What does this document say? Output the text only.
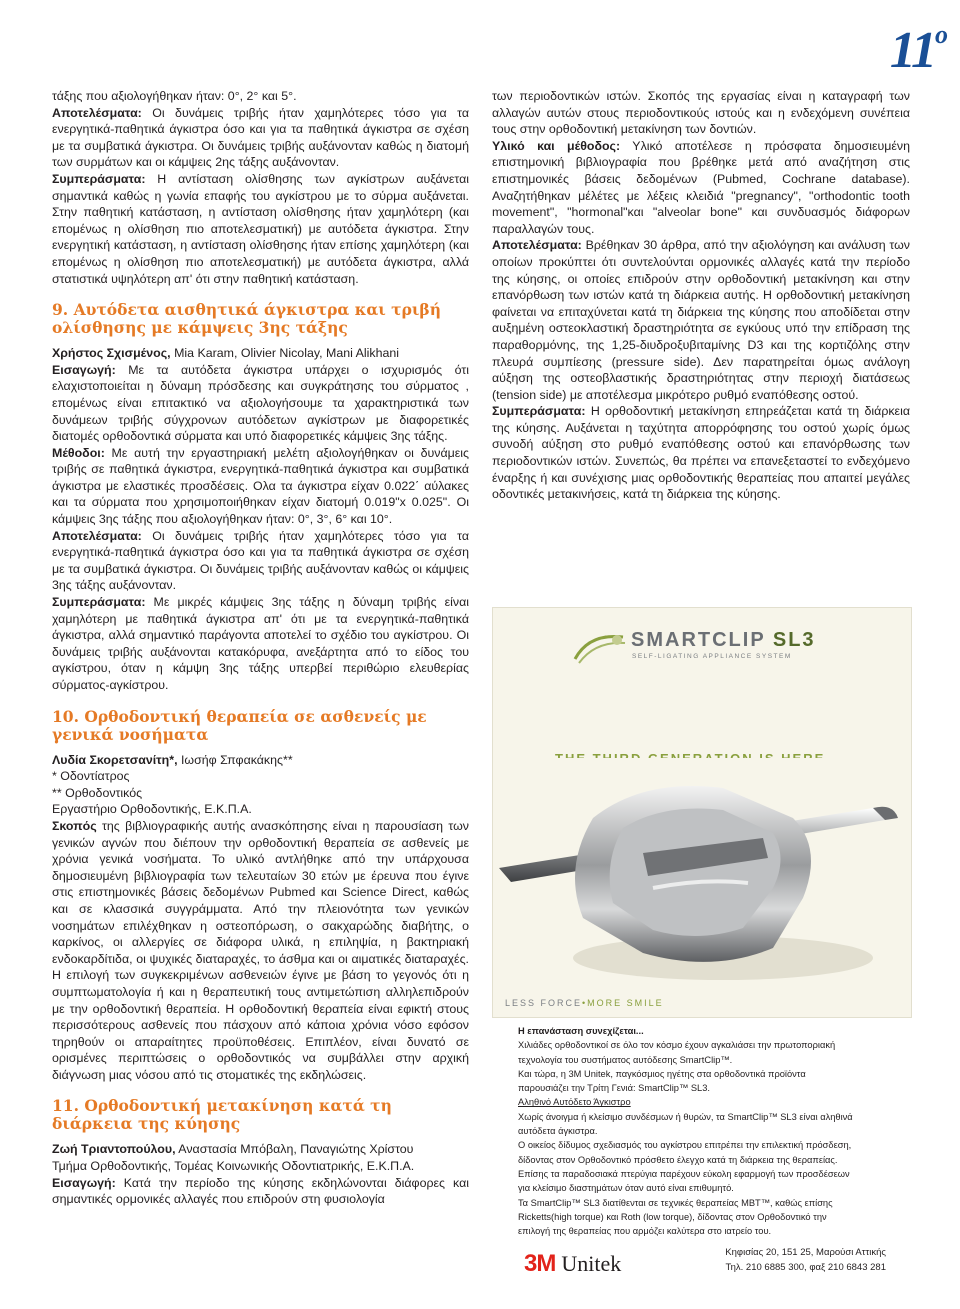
11$^o$

τάξης που αξιολογήθηκαν ήταν: 0°, 2° και 5°.

Αποτελέσματα: Οι δυνάμεις τριβής ήταν χαμηλότερες τόσο για τα ενεργητικά-παθητικά άγκιστρα όσο και για τα παθητικά άγκιστρα σε σχέση με τα συμβατικά άγκιστρα. Οι δυνάμεις τριβής αυξάνονταν καθώς η διατομή των συρμάτων και οι κάμψεις 2ης τάξης αυξάνονταν.

Συμπεράσματα: Η αντίσταση ολίσθησης των αγκίστρων αυξάνεται σημαντικά καθώς η γωνία επαφής του αγκίστρου με το σύρμα αυξάνεται. Στην παθητική κατάσταση, η αντίσταση ολίσθησης ήταν χαμηλότερη (και επομένως η ολίσθηση πιο αποτελεσματική) με αυτόδετα άγκιστρα. Στην ενεργητική κατάσταση, η αντίσταση ολίσθησης ήταν επίσης χαμηλότερη (και επομένως η ολίσθηση πιο αποτελεσματική) με αυτόδετα άγκιστρα, αλλά στατιστικά υψηλότερη απ' ότι στην παθητική κατάσταση.

9. Αυτόδετα αισθητικά άγκιστρα και τριβή ολίσθησης με κάμψεις 3ης τάξης

Χρήστος Σχισμένος, Mia Karam, Olivier Nicolay, Mani Alikhani

Εισαγωγή: Με τα αυτόδετα άγκιστρα υπάρχει ο ισχυρισμός ότι ελαχιστοποιείται η δύναμη πρόσδεσης και συγκράτησης του σύρματος , επομένως είναι επιτακτικό να αξιολογήσουμε τα χαρακτηριστικά των δυνάμεων τριβής σύγχρονων αυτόδετων αγκίστρων με διαφορετικές διατομές ορθοδοντικά σύρματα και υπό διαφορετικές κάμψεις 3ης τάξης.

Μέθοδοι: Με αυτή την εργαστηριακή μελέτη αξιολογήθηκαν οι δυνάμεις τριβής σε παθητικά άγκιστρα, ενεργητικά-παθητικά άγκιστρα και συμβατικά άγκιστρα με ελαστικές προσδέσεις. Ολα τα άγκιστρα είχαν 0.022΄ αύλακες και τα σύρματα που χρησιμοποιήθηκαν είχαν διατομή 0.019"x 0.025". Οι κάμψεις 3ης τάξης που αξιολογήθηκαν ήταν: 0°, 3°, 6° και 10°.

Αποτελέσματα: Οι δυνάμεις τριβής ήταν χαμηλότερες τόσο για τα ενεργητικά-παθητικά άγκιστρα όσο και για τα παθητικά άγκιστρα σε σχέση με τα συμβατικά άγκιστρα. Οι δυνάμεις τριβής αυξάνονταν καθώς οι κάμψεις 3ης τάξης αυξάνονταν.

Συμπεράσματα: Με μικρές κάμψεις 3ης τάξης η δύναμη τριβής είναι χαμηλότερη με παθητικά άγκιστρα απ' ότι με τα ενεργητικά-παθητικά άγκιστρα, αλλά σημαντικό παράγοντα αποτελεί το σχέδιο του αγκίστρου. Οι δυνάμεις τριβής αυξάνονται κατακόρυφα, ανεξάρτητα από το είδος του αγκίστρου, όταν η κάμψη 3ης τάξης υπερβεί περιθώριο ελευθερίας σύρματος-αγκίστρου.

10. Ορθοδοντική θεραπεία σε ασθενείς με γενικά νοσήματα

Λυδία Σκορετσανίτη*, Ιωσήφ Σπφακάκης**

* Οδοντίατρος

** Ορθοδοντικός

Εργαστήριο Ορθοδοντικής, Ε.Κ.Π.Α.

Σκοπός της βιβλιογραφικής αυτής ανασκόπησης είναι η παρουσίαση των γενικών αγνών που διέπουν την ορθοδοντική θεραπεία σε ασθενείς με χρόνια γενικά νοσήματα. Το υλικό αντλήθηκε από την υπάρχουσα δημοσιευμένη βιβλιογραφία των τελευταίων 30 ετών με έρευνα που έγινε στις επιστημονικές βάσεις δεδομένων Pubmed και Science Direct, καθώς και σε κλασσικά συγγράμματα. Από την πλειονότητα των γενικών νοσημάτων επιλέχθηκαν η οστεοπόρωση, ο σακχαρώδης διαβήτης, ο καρκίνος, οι αλλεργίες σε διάφορα υλικά, η επιληψία, η βακτηριακή ενδοκαρδίτιδα, οι ψυχικές διαταραχές, το άσθμα και οι αιματικές διαταραχές. Η επιλογή των συγκεκριμένων ασθενειών έγινε με βάση το γεγονός ότι η συμπτωματολογία ή και η θεραπευτική τους αντιμετώπιση αλληλεπιδρούν με την ορθοδοντική θεραπεία. Η ορθοδοντική θεραπεία είναι εφικτή στους περισσότερους ασθενείς που πάσχουν από κάποια χρόνια νόσο εφόσον τηρηθούν οι απαραίτητες προϋποθέσεις. Επιπλέον, είναι δυνατό σε ορισμένες περιπτώσεις ο ορθοδοντικός να συμβάλλει στην αρχική διάγνωση μιας νόσου από τις στοματικές της εκδηλώσεις.

11. Ορθοδοντική μετακίνηση κατά τη διάρκεια της κύησης

Ζωή Τριαντοπούλου, Αναστασία Μπόβαλη, Παναγιώτης Χρίστου

Τμήμα Ορθοδοντικής, Τομέας Κοινωνικής Οδοντιατρικής, Ε.Κ.Π.Α.

Εισαγωγή: Κατά την περίοδο της κύησης εκδηλώνονται διάφορες και σημαντικές ορμονικές αλλαγές που επιδρούν στη φυσιολογία

των περιοδοντικών ιστών. Σκοπός της εργασίας είναι η καταγραφή των αλλαγών αυτών στους περιοδοντικούς ιστούς και η ενδεχόμενη συνέπεια τους στην ορθοδοντική μετακίνηση των δοντιών.

Υλικό και μέθοδος: Υλικό αποτέλεσε η πρόσφατα δημοσιευμένη επιστημονική βιβλιογραφία που βρέθηκε μετά από αναζήτηση στις επιστημονικές βάσεις δεδομένων (Pubmed, Cochrane database). Αναζητήθηκαν μέλέτες με λέξεις κλειδιά "pregnancy", "orthodontic tooth movement", "hormonal"και "alveolar bone" και συνδυασμός διάφορων παραλλαγών τους.

Αποτελέσματα: Βρέθηκαν 30 άρθρα, από την αξιολόγηση και ανάλυση των οποίων προκύπτει ότι συντελούνται ορμονικές αλλαγές κατά την περίοδο της κύησης, οι οποίες επιδρούν στην ορθοδοντική μετακίνηση και στην επανόρθωση των ιστών κατά τη διάρκεια αυτής. Η ορθοδοντική μετακίνηση φαίνεται να επιταχύνεται κατά τη διάρκεια της κύησης που αποδίδεται στην αυξημένη οστεοκλαστική δραστηριότητα σε εγκύους υπό την επίδραση της παραθορμόνης, της 1,25-διυδροξυβιταμίνης D3 και της κορτιζόλης στην πλευρά συμπίεσης (pressure side). Δεν παρατηρείται όμως ανάλογη αύξηση της οστεοβλαστικής δραστηριότητας στην περιοχή διατάσεως (tension side) με αποτέλεσμα μικρότερο ρυθμό εναπόθεσης οστού.

Συμπεράσματα: Η ορθοδοντική μετακίνηση επηρεάζεται κατά τη διάρκεια της κύησης. Αυξάνεται η ταχύτητα απορρόφησης του οστού χωρίς όμως συνοδή αύξηση στο ρυθμό εναπόθεσης οστού και επανόρθωσης των περιοδοντικών ιστών. Συνεπώς, θα πρέπει να επανεξεταστεί το ενδεχόμενο έναρξης ή και συνέχισης μιας ορθοδοντικής θεραπείας που απαιτεί μεγάλες οδοντικές μετακινήσεις, κατά τη διάρκεια της κύησης.

SMARTCLIP SL3
SELF-LIGATING APPLIANCE SYSTEM
LESS FORCE•MORE SMILE

Η επανάσταση συνεχίζεται...

Χιλιάδες ορθοδοντικοί σε όλο τον κόσμο έχουν αγκαλιάσει την πρωτοποριακή τεχνολογία του συστήματος αυτόδεσης SmartClip™.

Και τώρα, η 3M Unitek, παγκόσμιος ηγέτης στα ορθοδοντικά προϊόντα παρουσιάζει την Τρίτη Γενιά: SmartClip™ SL3.

Αληθινό Αυτόδετο Άγκιστρο

Χωρίς άνοιγμα ή κλείσιμο συνδέσμων ή θυρών, τα SmartClip™ SL3 είναι αληθινά αυτόδετα άγκιστρα.

Ο οικείος δίδυμος σχεδιασμός του αγκίστρου επιτρέπει την επιλεκτική πρόσδεση, δίδοντας στον Ορθοδοντικό πρόσθετο έλεγχο κατά τη διάρκεια της θεραπείας.

Επίσης τα παραδοσιακά πτερύγια παρέχουν εύκολη εφαρμογή των προσδέσεων για κλείσιμο διαστημάτων όταν αυτό είναι επιθυμητό.

Τα SmartClip™ SL3 διατίθενται σε τεχνικές θεραπείας MBT™, καθώς επίσης Ricketts(high torque) και Roth (low torque), δίδοντας στον Ορθοδοντικό την επιλογή της θεραπείας που αρμόζει καλύτερα στο ιατρείο του.

3M Unitek	Κηφισίας 20, 151 25, Μαρούσι Αττικής
Τηλ. 210 6885 300, φαξ 210 6843 281
